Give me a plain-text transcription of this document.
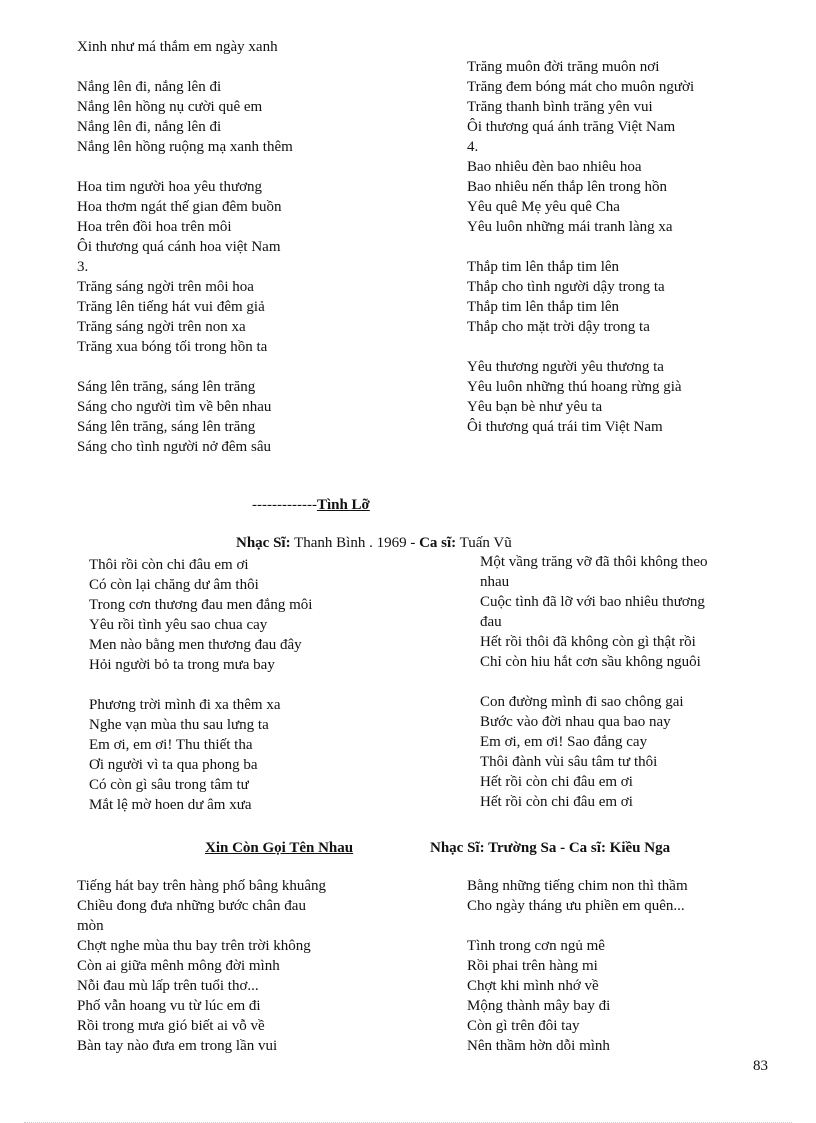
Xinh như má thắm em ngày xanh
Nắng lên đi, nắng lên đi
Nắng lên hồng nụ cười quê em
Nắng lên đi, nắng lên đi
Nắng lên hồng ruộng mạ xanh thêm
Hoa tim người hoa yêu thương
Hoa thơm ngát thế gian đêm buồn
Hoa trên đồi hoa trên môi
Ôi thương quá cánh hoa việt Nam
3.
Trăng sáng ngời trên môi hoa
Trăng lên tiếng hát vui đêm giả
Trăng sáng ngời trên non xa
Trăng xua bóng tối trong hồn ta
Sáng lên trăng, sáng lên trăng
Sáng cho người tìm về bên nhau
Sáng lên trăng, sáng lên trăng
Sáng cho tình người nở đêm sâu
Trăng muôn đời trăng muôn nơi
Trăng đem bóng mát cho muôn người
Trăng thanh bình trăng yên vui
Ôi thương quá ánh trăng Việt Nam
4.
Bao nhiêu đèn bao nhiêu hoa
Bao nhiêu nến thắp lên trong hồn
Yêu quê Mẹ yêu quê Cha
Yêu luôn những mái tranh làng xa
Thắp tim lên thắp tim lên
Thắp cho tình người dậy trong ta
Thắp tim lên thắp tim lên
Thắp cho mặt trời dậy trong ta
Yêu thương người yêu thương ta
Yêu luôn những thú hoang rừng già
Yêu bạn bè như yêu ta
Ôi thương quá trái tim Việt Nam
-------------Tình Lỡ
Nhạc Sĩ: Thanh Bình . 1969 - Ca sĩ: Tuấn Vũ
Thôi rồi còn chi đâu em ơi
Có còn lại chăng dư âm thôi
Trong cơn thương đau men đắng môi
Yêu rồi tình yêu sao chua cay
Men nào bằng men thương đau đây
Hỏi người bỏ ta trong mưa bay
Phương trời mình đi xa thêm xa
Nghe vạn mùa thu sau lưng ta
Em ơi, em ơi! Thu thiết tha
Ơi người vì ta qua phong ba
Có còn gì sâu trong tâm tư
Mắt lệ mờ hoen dư âm xưa
Một vầng trăng vỡ đã thôi không theo
nhau
Cuộc tình đã lỡ với bao nhiêu thương
đau
Hết rồi thôi đã không còn gì thật rồi
Chỉ còn hiu hắt cơn sầu không nguôi
Con đường mình đi sao chông gai
Bước vào đời nhau qua bao nay
Em ơi, em ơi! Sao đắng cay
Thôi đành vùi sâu tâm tư thôi
Hết rồi còn chi đâu em ơi
Hết rồi còn chi đâu em ơi
Xin Còn Gọi Tên Nhau	Nhạc Sĩ: Trường Sa - Ca sĩ: Kiều Nga
Tiếng hát bay trên hàng phố bâng khuâng
Chiều đong đưa những bước chân đau
mòn
Chợt nghe mùa thu bay trên trời không
Còn ai giữa mênh mông đời mình
Nỗi đau mù lấp trên tuổi thơ...
Phố vẫn hoang vu từ lúc em đi
Rồi trong mưa gió biết ai vỗ về
Bàn tay nào đưa em trong lần vui
Bằng những tiếng chim non thì thầm
Cho ngày tháng ưu phiền em quên...
Tình trong cơn ngủ mê
Rồi phai trên hàng mi
Chợt khi mình nhớ về
Mộng thành mây bay đi
Còn gì trên đôi tay
Nên thầm hờn dỗi mình
83
